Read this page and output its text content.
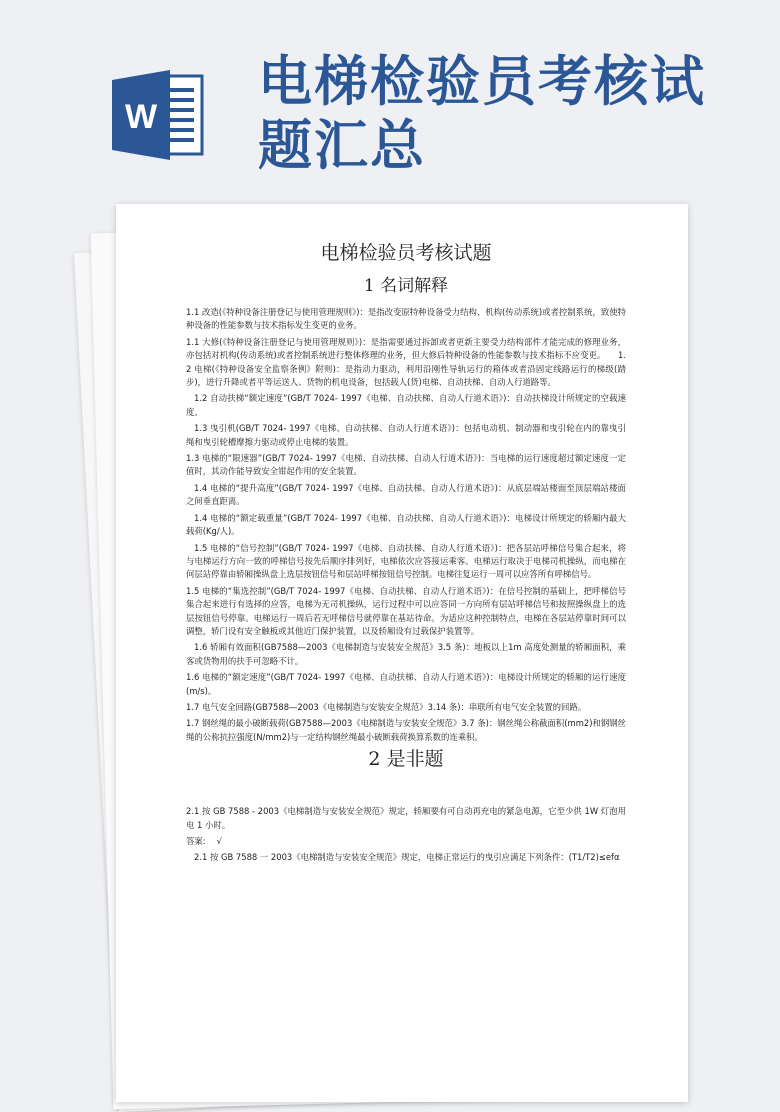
W
电梯检验员考核试题汇总
电梯检验员考核试题
1 名词解释
1.1 改造(《特种设备注册登记与使用管理规则》)：是指改变原特种设备受力结构、机构(传动系统)或者控制系统，致使特种设备的性能参数与技术指标发生变更的业务。
1.1 大修(《特种设备注册登记与使用管理规则》)：是指需要通过拆卸或者更新主要受力结构部件才能完成的修理业务，亦包括对机构(传动系统)或者控制系统进行整体修理的业务，但大修后特种设备的性能参数与技术指标不应变更。　　1.2 电梯(《特种设备安全监察条例》附则)：是指动力驱动，利用沿刚性导轨运行的箱体或者沿固定线路运行的梯级(踏步)，进行升降或者平等运送人、货物的机电设备，包括载人(货)电梯、自动扶梯、自动人行道路等。
1.2 自动扶梯“额定速度”(GB/T 7024- 1997《电梯、自动扶梯、自动人行道术语》)：自动扶梯设计所规定的空载速度。
1.3 曳引机(GB/T 7024- 1997《电梯、自动扶梯、自动人行道术语》)：包括电动机、制动器和曳引轮在内的靠曳引绳和曳引轮槽摩擦力驱动或停止电梯的装置。
1.3 电梯的“限速器”(GB/T 7024- 1997《电梯、自动扶梯、自动人行道术语》)：当电梯的运行速度超过额定速度一定值时，其动作能导致安全钳起作用的安全装置。
1.4 电梯的“提升高度”(GB/T 7024- 1997《电梯、自动扶梯、自动人行道术语》)：从底层端站楼面至顶层端站楼面之间垂直距离。
1.4 电梯的“额定载重量”(GB/T 7024- 1997《电梯、自动扶梯、自动人行道术语》)：电梯设计所规定的轿厢内最大载荷(Kg/人)。
1.5 电梯的“信号控制”(GB/T 7024- 1997《电梯、自动扶梯、自动人行道术语》)：把各层站呼梯信号集合起来，将与电梯运行方向一致的呼梯信号按先后顺序排列好，电梯依次应答接运乘客。电梯运行取决于电梯司机操纵，而电梯在何层站停靠由轿厢操纵盘上选层按钮信号和层站呼梯按钮信号控制。电梯往复运行一周可以应答所有呼梯信号。
1.5 电梯的“集选控制”(GB/T 7024- 1997《电梯、自动扶梯、自动人行道术语》)：在信号控制的基础上，把呼梯信号集合起来进行有选择的应答，电梯为无司机操纵，运行过程中可以应答同一方向所有层站呼梯信号和按照操纵盘上的选层按钮信号停靠。电梯运行一周后若无呼梯信号就停靠在基站待命。为适应这种控制特点，电梯在各层站停靠时间可以调整，轿门设有安全触板或其他近门保护装置，以及轿厢设有过载保护装置等。
1.6 轿厢有效面积(GB7588—2003《电梯制造与安装安全规范》3.5 条)：地板以上1m 高度处测量的轿厢面积，乘客或货物用的扶手可忽略不计。
1.6 电梯的“额定速度”(GB/T 7024- 1997《电梯、自动扶梯、自动人行道术语》)：电梯设计所规定的轿厢的运行速度(m/s)。
1.7 电气安全回路(GB7588—2003《电梯制造与安装安全规范》3.14 条)：串联所有电气安全装置的回路。
1.7 钢丝绳的最小破断载荷(GB7588—2003《电梯制造与安装安全规范》3.7 条)：钢丝绳公称截面积(mm2)和钢钢丝绳的公称抗拉强度(N/mm2)与一定结构钢丝绳最小破断载荷换算系数的连乘积。
2 是非题
2.1 按 GB 7588 - 2003《电梯制造与安装安全规范》规定，轿厢要有可自动再充电的紧急电源，它至少供 1W 灯泡用电 1 小时。
答案:　 √
2.1 按 GB 7588 一 2003《电梯制造与安装安全规范》规定，电梯正常运行的曳引应满足下列条件：(T1/T2)≤efα
